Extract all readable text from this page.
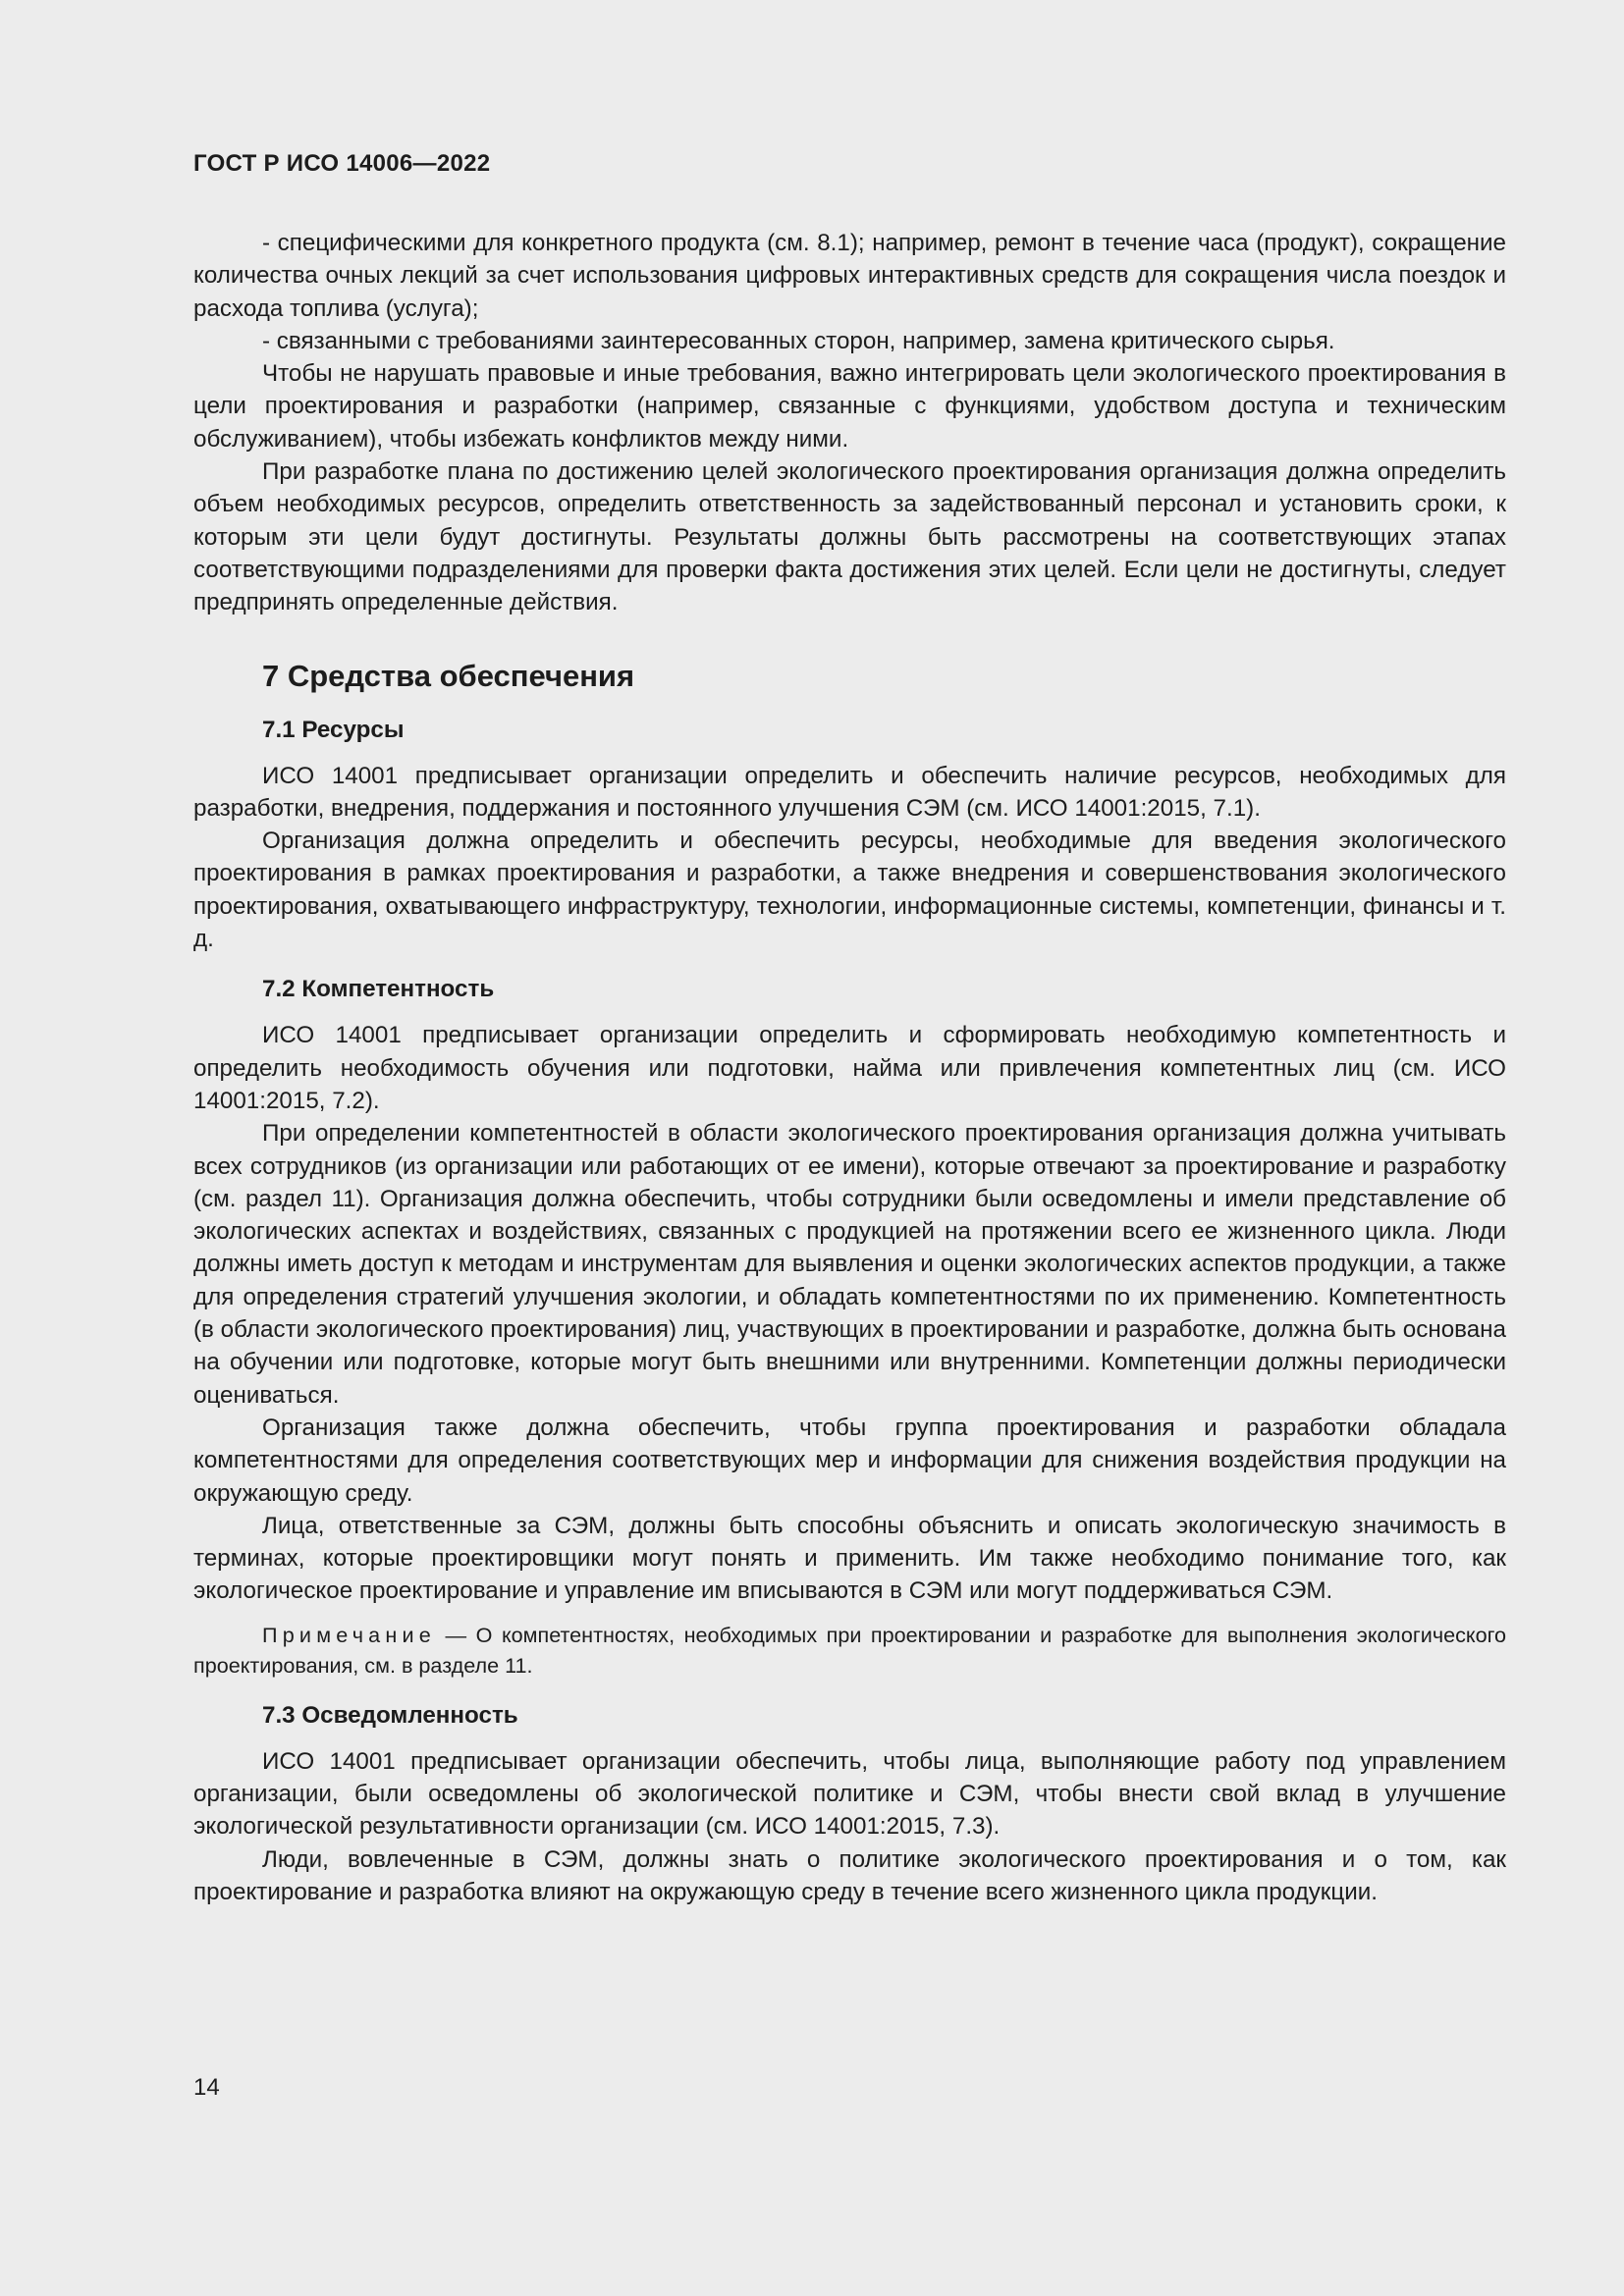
ГОСТ Р ИСО 14006—2022

- специфическими для конкретного продукта (см. 8.1); например, ремонт в течение часа (продукт), сокращение количества очных лекций за счет использования цифровых интерактивных средств для сокращения числа поездок и расхода топлива (услуга);

- связанными с требованиями заинтересованных сторон, например, замена критического сырья.

Чтобы не нарушать правовые и иные требования, важно интегрировать цели экологического проектирования в цели проектирования и разработки (например, связанные с функциями, удобством доступа и техническим обслуживанием), чтобы избежать конфликтов между ними.

При разработке плана по достижению целей экологического проектирования организация должна определить объем необходимых ресурсов, определить ответственность за задействованный персонал и установить сроки, к которым эти цели будут достигнуты. Результаты должны быть рассмотрены на соответствующих этапах соответствующими подразделениями для проверки факта достижения этих целей. Если цели не достигнуты, следует предпринять определенные действия.

7 Средства обеспечения
7.1 Ресурсы

ИСО 14001 предписывает организации определить и обеспечить наличие ресурсов, необходимых для разработки, внедрения, поддержания и постоянного улучшения СЭМ (см. ИСО 14001:2015, 7.1).

Организация должна определить и обеспечить ресурсы, необходимые для введения экологического проектирования в рамках проектирования и разработки, а также внедрения и совершенствования экологического проектирования, охватывающего инфраструктуру, технологии, информационные системы, компетенции, финансы и т. д.

7.2 Компетентность

ИСО 14001 предписывает организации определить и сформировать необходимую компетентность и определить необходимость обучения или подготовки, найма или привлечения компетентных лиц (см. ИСО 14001:2015, 7.2).

При определении компетентностей в области экологического проектирования организация должна учитывать всех сотрудников (из организации или работающих от ее имени), которые отвечают за проектирование и разработку (см. раздел 11). Организация должна обеспечить, чтобы сотрудники были осведомлены и имели представление об экологических аспектах и воздействиях, связанных с продукцией на протяжении всего ее жизненного цикла. Люди должны иметь доступ к методам и инструментам для выявления и оценки экологических аспектов продукции, а также для определения стратегий улучшения экологии, и обладать компетентностями по их применению. Компетентность (в области экологического проектирования) лиц, участвующих в проектировании и разработке, должна быть основана на обучении или подготовке, которые могут быть внешними или внутренними. Компетенции должны периодически оцениваться.

Организация также должна обеспечить, чтобы группа проектирования и разработки обладала компетентностями для определения соответствующих мер и информации для снижения воздействия продукции на окружающую среду.

Лица, ответственные за СЭМ, должны быть способны объяснить и описать экологическую значимость в терминах, которые проектировщики могут понять и применить. Им также необходимо понимание того, как экологическое проектирование и управление им вписываются в СЭМ или могут поддерживаться СЭМ.

Примечание — О компетентностях, необходимых при проектировании и разработке для выполнения экологического проектирования, см. в разделе 11.
7.3 Осведомленность

ИСО 14001 предписывает организации обеспечить, чтобы лица, выполняющие работу под управлением организации, были осведомлены об экологической политике и СЭМ, чтобы внести свой вклад в улучшение экологической результативности организации (см. ИСО 14001:2015, 7.3).

Люди, вовлеченные в СЭМ, должны знать о политике экологического проектирования и о том, как проектирование и разработка влияют на окружающую среду в течение всего жизненного цикла продукции.

14
